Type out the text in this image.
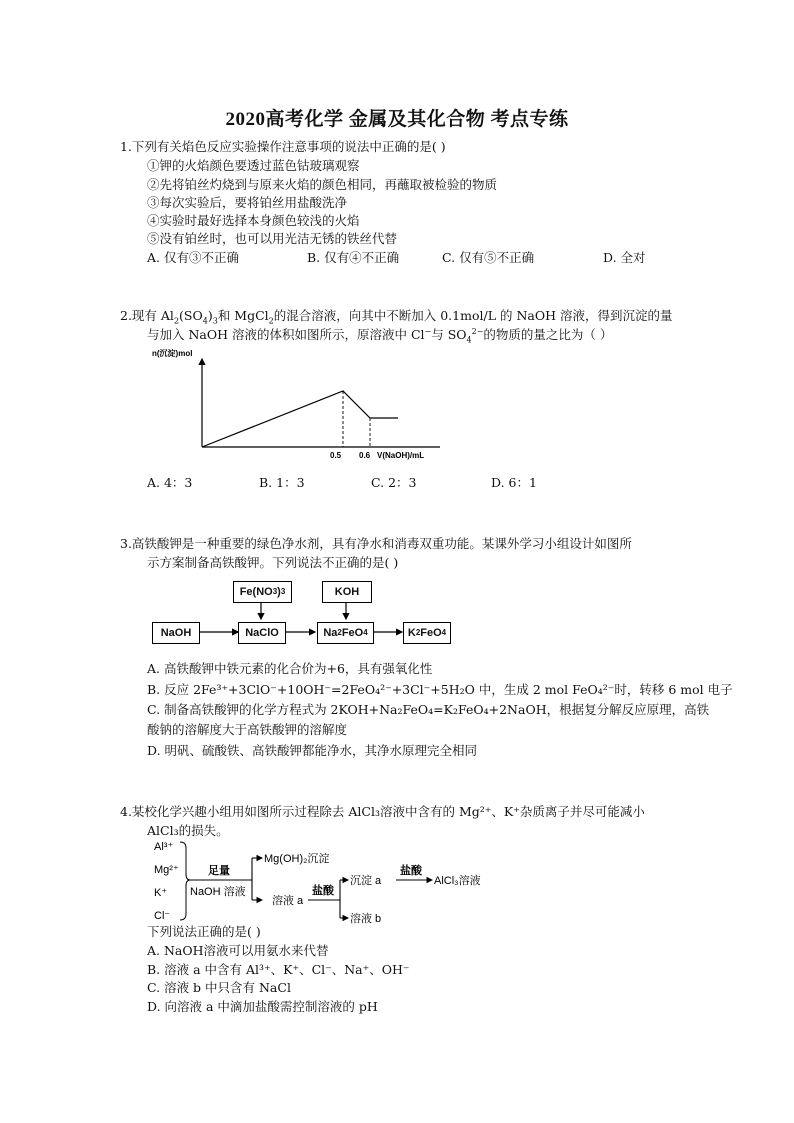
2020高考化学 金属及其化合物 考点专练
1.下列有关焰色反应实验操作注意事项的说法中正确的是( )
①钾的火焰颜色要透过蓝色钴玻璃观察
②先将铂丝灼烧到与原来火焰的颜色相同，再蘸取被检验的物质
③每次实验后，要将铂丝用盐酸洗净
④实验时最好选择本身颜色较浅的火焰
⑤没有铂丝时，也可以用光洁无锈的铁丝代替
A. 仅有③不正确	B. 仅有④不正确	C. 仅有⑤不正确	D. 全对
2.现有 $Al_2(SO_4)_3$和 MgCl$_2$的混合溶液，向其中不断加入 0.1mol/L 的 NaOH 溶液，得到沉淀的量
与加入 NaOH 溶液的体积如图所示，原溶液中 Cl−与 $SO_4^{2-}$的物质的量之比为（ ）
n(沉淀)mol
0.5 0.6 V(NaOH)/mL
A. 4：3	B. 1：3	C. 2：3	D. 6：1
3.高铁酸钾是一种重要的绿色净水剂，具有净水和消毒双重功能。某课外学习小组设计如图所
示方案制备高铁酸钾。下列说法不正确的是( )
NaOH
Fe(NO 3 ) 3
NaClO
KOH
Na 2 FeO 4	K 2 FeO 4
A. 高铁酸钾中铁元素的化合价为+6，具有强氧化性
B. 反应 2Fe³⁺+3ClO⁻+10OH⁻=2FeO₄²⁻+3Cl⁻+5H₂O 中，生成 2 mol FeO₄²⁻时，转移 6 mol 电子
C. 制备高铁酸钾的化学方程式为 2KOH+Na₂FeO₄=K₂FeO₄+2NaOH，根据复分解反应原理，高铁
酸钠的溶解度大于高铁酸钾的溶解度
D. 明矾、硫酸铁、高铁酸钾都能净水，其净水原理完全相同
4.某校化学兴趣小组用如图所示过程除去 AlCl₃溶液中含有的 Mg²⁺、K⁺杂质离子并尽可能减小
AlCl₃的损失。
Al³⁺
Mg²⁺
K⁺
Cl⁻
足量
NaOH 溶液
Mg(OH)₂沉淀
溶液 a
盐酸
沉淀 a
溶液 b
盐酸
AlCl₃溶液
下列说法正确的是( )
A. NaOH溶液可以用氨水来代替
B. 溶液 a 中含有 Al³⁺、K⁺、Cl⁻、Na⁺、OH⁻
C. 溶液 b 中只含有 NaCl
D. 向溶液 a 中滴加盐酸需控制溶液的 pH
